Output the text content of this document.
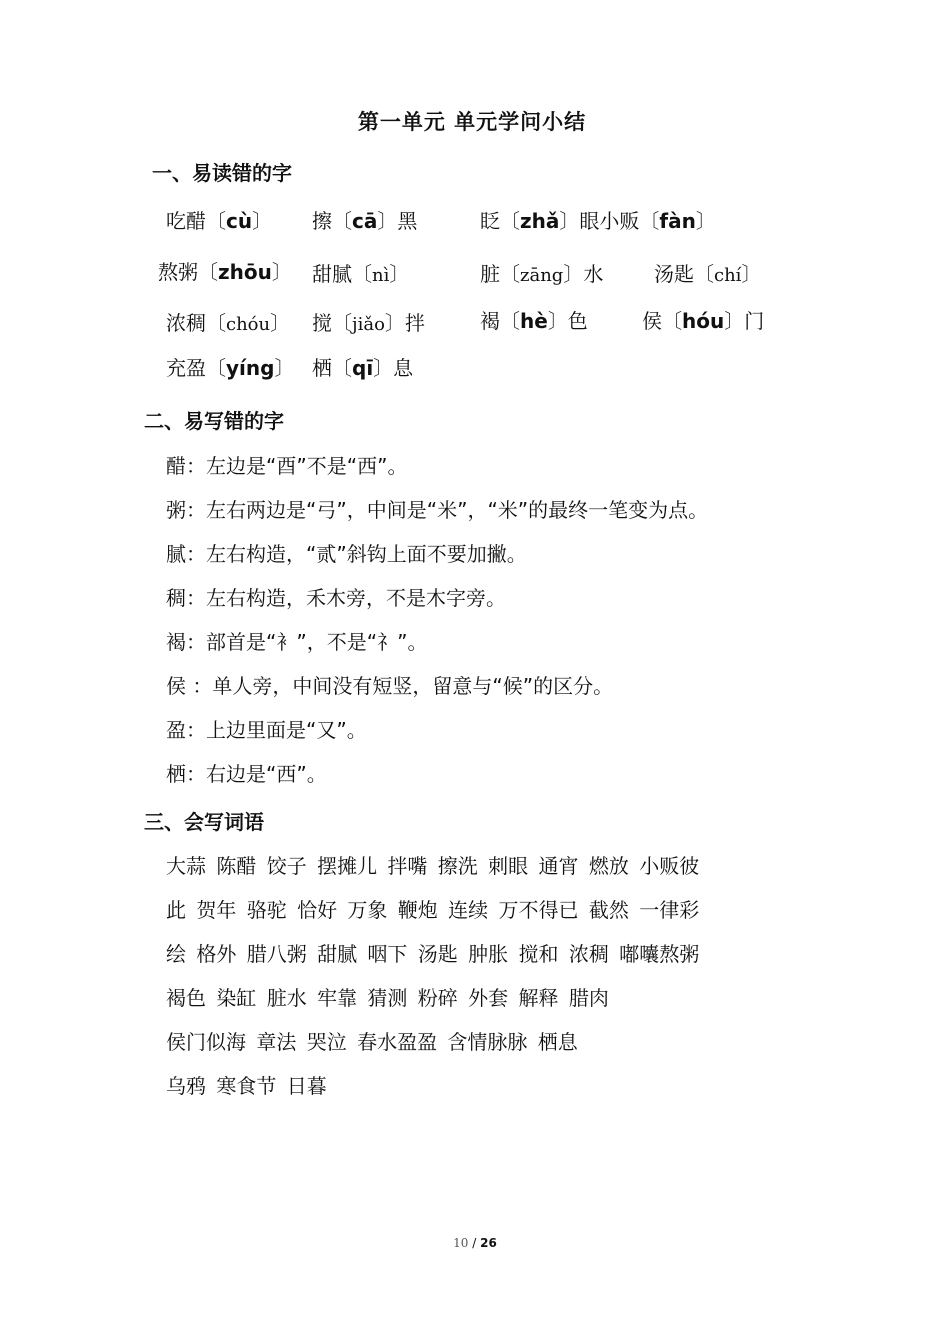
第一单元 单元学问小结
一、易读错的字
吃醋〔cù〕 擦〔cā〕黑	眨〔zhǎ〕眼小贩〔fàn〕
熬粥〔zhōu〕 甜腻〔nì〕	脏〔zāng〕水	汤匙〔chí〕
浓稠〔chóu〕 搅〔jiǎo〕拌	褐〔hè〕色	侯〔hóu〕门
充盈〔yíng〕 栖〔qī〕息
二、易写错的字
醋：左边是“酉”不是“西”。
粥：左右两边是“弓”，中间是“米”，“米”的最终一笔变为点。
腻：左右构造，“贰”斜钩上面不要加撇。
稠：左右构造，禾木旁，不是木字旁。
褐：部首是“衤”，不是“礻”。
侯 ：单人旁，中间没有短竖，留意与“候”的区分。
盈：上边里面是“又”。
栖：右边是“西”。
三、会写词语
大蒜 陈醋 饺子 摆摊儿 拌嘴 擦洗 刺眼 通宵 燃放 小贩彼
此 贺年 骆驼 恰好 万象 鞭炮 连续 万不得已 截然 一律彩
绘 格外 腊八粥 甜腻 咽下 汤匙 肿胀 搅和 浓稠 嘟囔熬粥
褐色 染缸 脏水 牢靠 猜测 粉碎 外套 解释 腊肉
侯门似海 章法 哭泣 春水盈盈 含情脉脉 栖息
乌鸦 寒食节 日暮
10 / 26
